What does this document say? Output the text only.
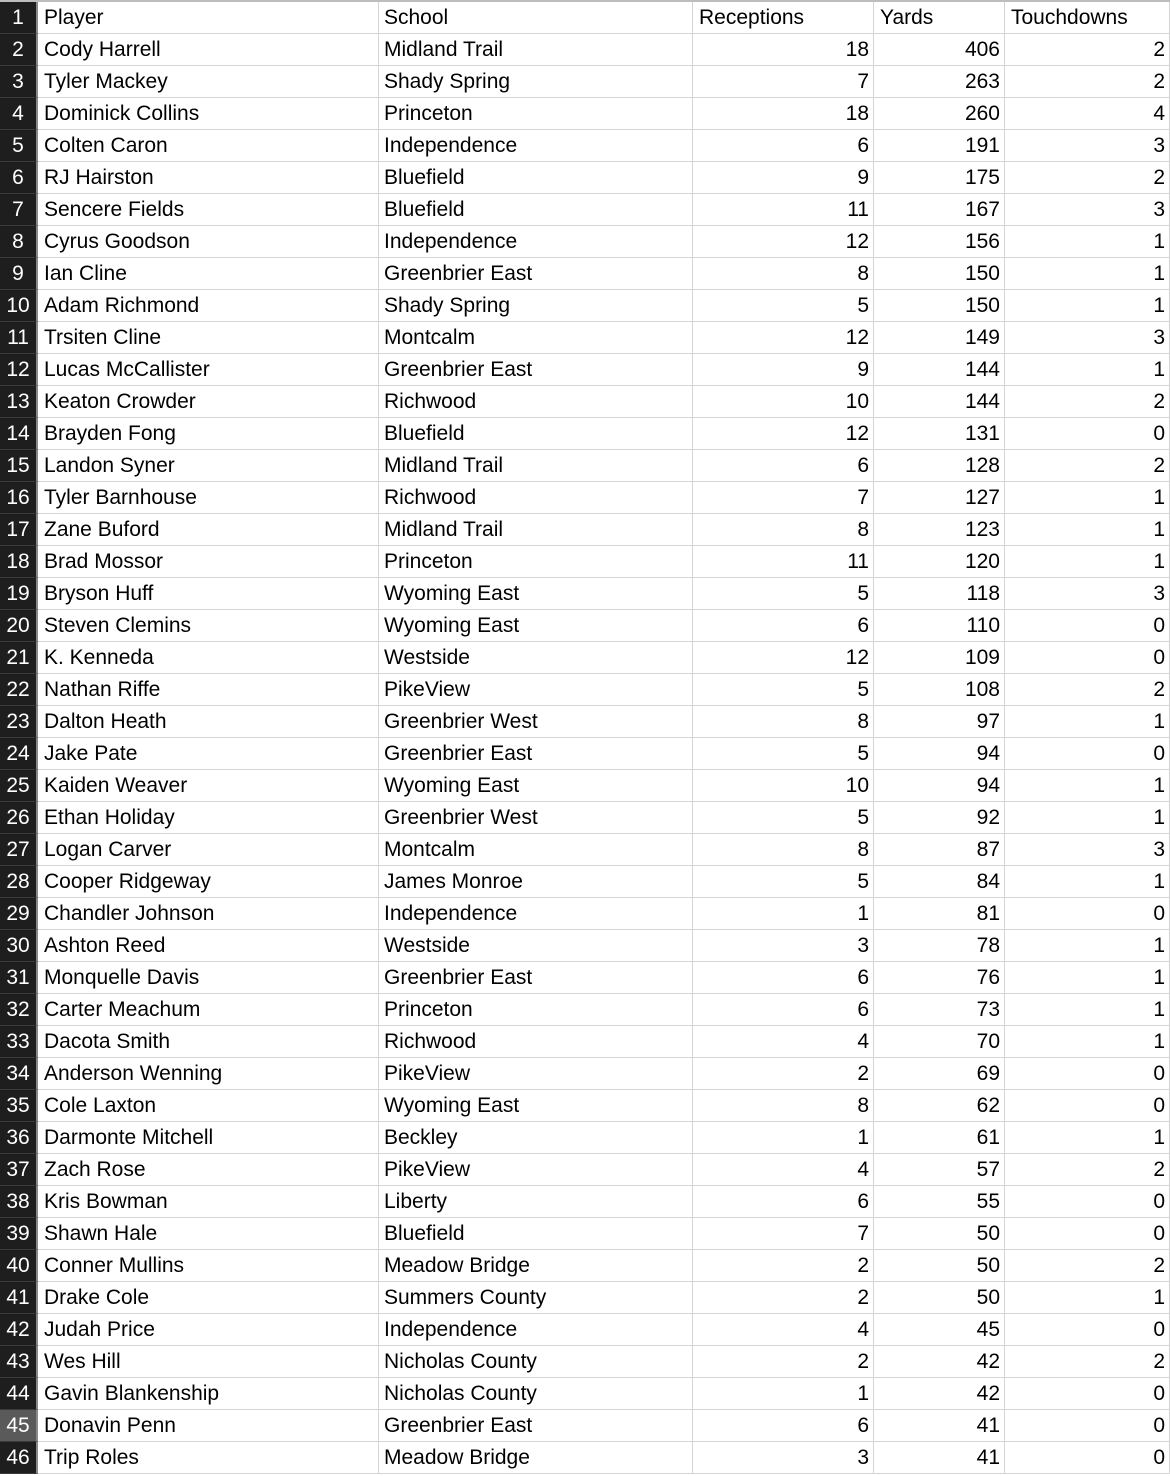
1 Player	School	Receptions	Yards	Touchdowns
2 Cody Harrell	Midland Trail	18	406	2
3 Tyler Mackey	Shady Spring	7	263	2
4 Dominick Collins	Princeton	18	260	4
5 Colten Caron	Independence	6	191	3
6 RJ Hairston	Bluefield	9	175	2
7 Sencere Fields	Bluefield	11	167	3
8 Cyrus Goodson	Independence	12	156	1
9 Ian Cline	Greenbrier East	8	150	1
10 Adam Richmond	Shady Spring	5	150	1
11 Trsiten Cline	Montcalm	12	149	3
12 Lucas McCallister	Greenbrier East	9	144	1
13 Keaton Crowder	Richwood	10	144	2
14 Brayden Fong	Bluefield	12	131	0
15 Landon Syner	Midland Trail	6	128	2
16 Tyler Barnhouse	Richwood	7	127	1
17 Zane Buford	Midland Trail	8	123	1
18 Brad Mossor	Princeton	11	120	1
19 Bryson Huff	Wyoming East	5	118	3
20 Steven Clemins	Wyoming East	6	110	0
21 K. Kenneda	Westside	12	109	0
22 Nathan Riffe	PikeView	5	108	2
23 Dalton Heath	Greenbrier West	8	97	1
24 Jake Pate	Greenbrier East	5	94	0
25 Kaiden Weaver	Wyoming East	10	94	1
26 Ethan Holiday	Greenbrier West	5	92	1
27 Logan Carver	Montcalm	8	87	3
28 Cooper Ridgeway	James Monroe	5	84	1
29 Chandler Johnson	Independence	1	81	0
30 Ashton Reed	Westside	3	78	1
31 Monquelle Davis	Greenbrier East	6	76	1
32 Carter Meachum	Princeton	6	73	1
33 Dacota Smith	Richwood	4	70	1
34 Anderson Wenning	PikeView	2	69	0
35 Cole Laxton	Wyoming East	8	62	0
36 Darmonte Mitchell	Beckley	1	61	1
37 Zach Rose	PikeView	4	57	2
38 Kris Bowman	Liberty	6	55	0
39 Shawn Hale	Bluefield	7	50	0
40 Conner Mullins	Meadow Bridge	2	50	2
41 Drake Cole	Summers County	2	50	1
42 Judah Price	Independence	4	45	0
43 Wes Hill	Nicholas County	2	42	2
44 Gavin Blankenship	Nicholas County	1	42	0
45 Donavin Penn	Greenbrier East	6	41	0
46 Trip Roles	Meadow Bridge	3	41	0
